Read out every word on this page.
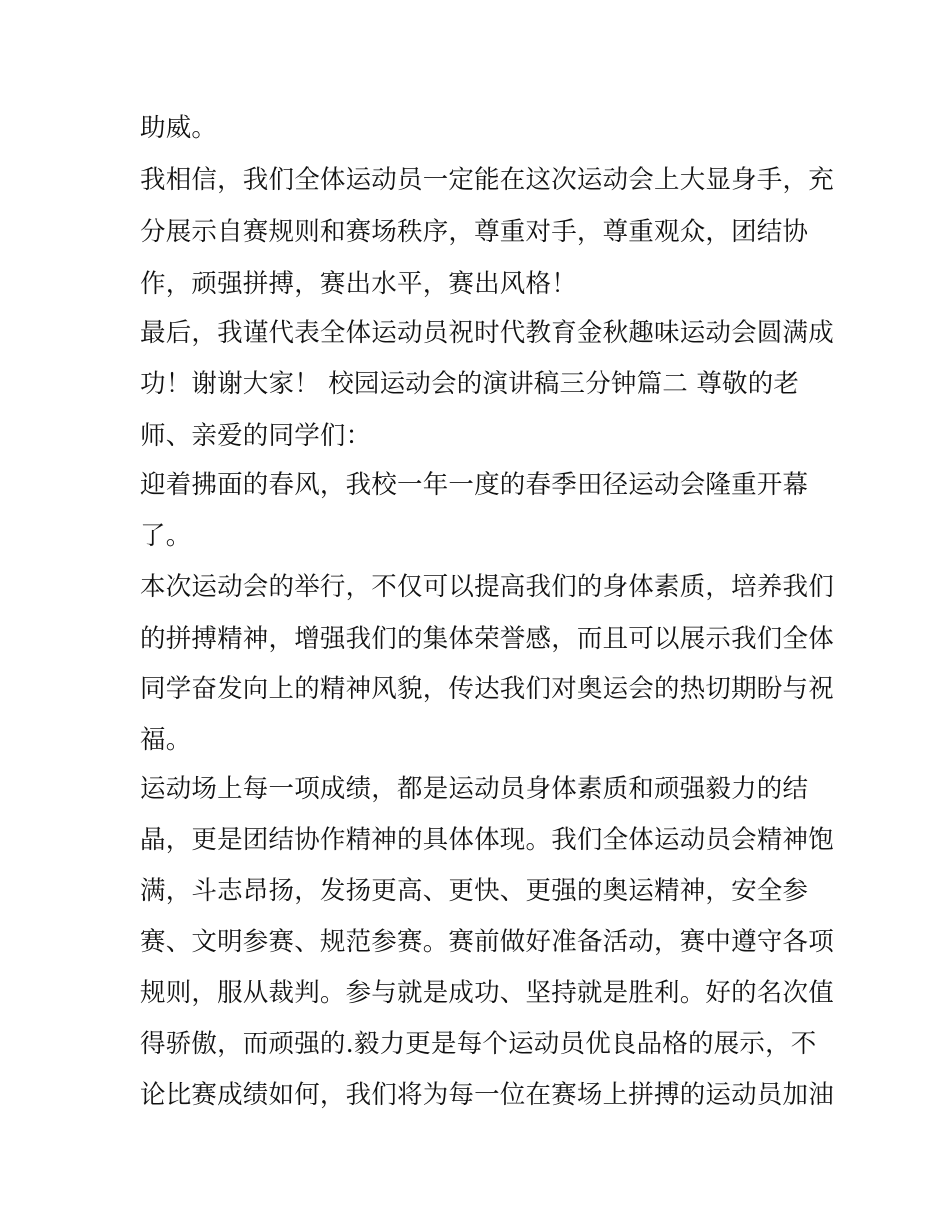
助威。
我相信，我们全体运动员一定能在这次运动会上大显身手，充
分展示自赛规则和赛场秩序，尊重对手，尊重观众，团结协
作，顽强拼搏，赛出水平，赛出风格！
最后，我谨代表全体运动员祝时代教育金秋趣味运动会圆满成
功！谢谢大家！ 校园运动会的演讲稿三分钟篇二 尊敬的老
师、亲爱的同学们：
迎着拂面的春风，我校一年一度的春季田径运动会隆重开幕
了。
本次运动会的举行，不仅可以提高我们的身体素质，培养我们
的拼搏精神，增强我们的集体荣誉感，而且可以展示我们全体
同学奋发向上的精神风貌，传达我们对奥运会的热切期盼与祝
福。
运动场上每一项成绩，都是运动员身体素质和顽强毅力的结
晶，更是团结协作精神的具体体现。我们全体运动员会精神饱
满，斗志昂扬，发扬更高、更快、更强的奥运精神，安全参
赛、文明参赛、规范参赛。赛前做好准备活动，赛中遵守各项
规则，服从裁判。参与就是成功、坚持就是胜利。好的名次值
得骄傲，而顽强的.毅力更是每个运动员优良品格的展示，不
论比赛成绩如何，我们将为每一位在赛场上拼搏的运动员加油
